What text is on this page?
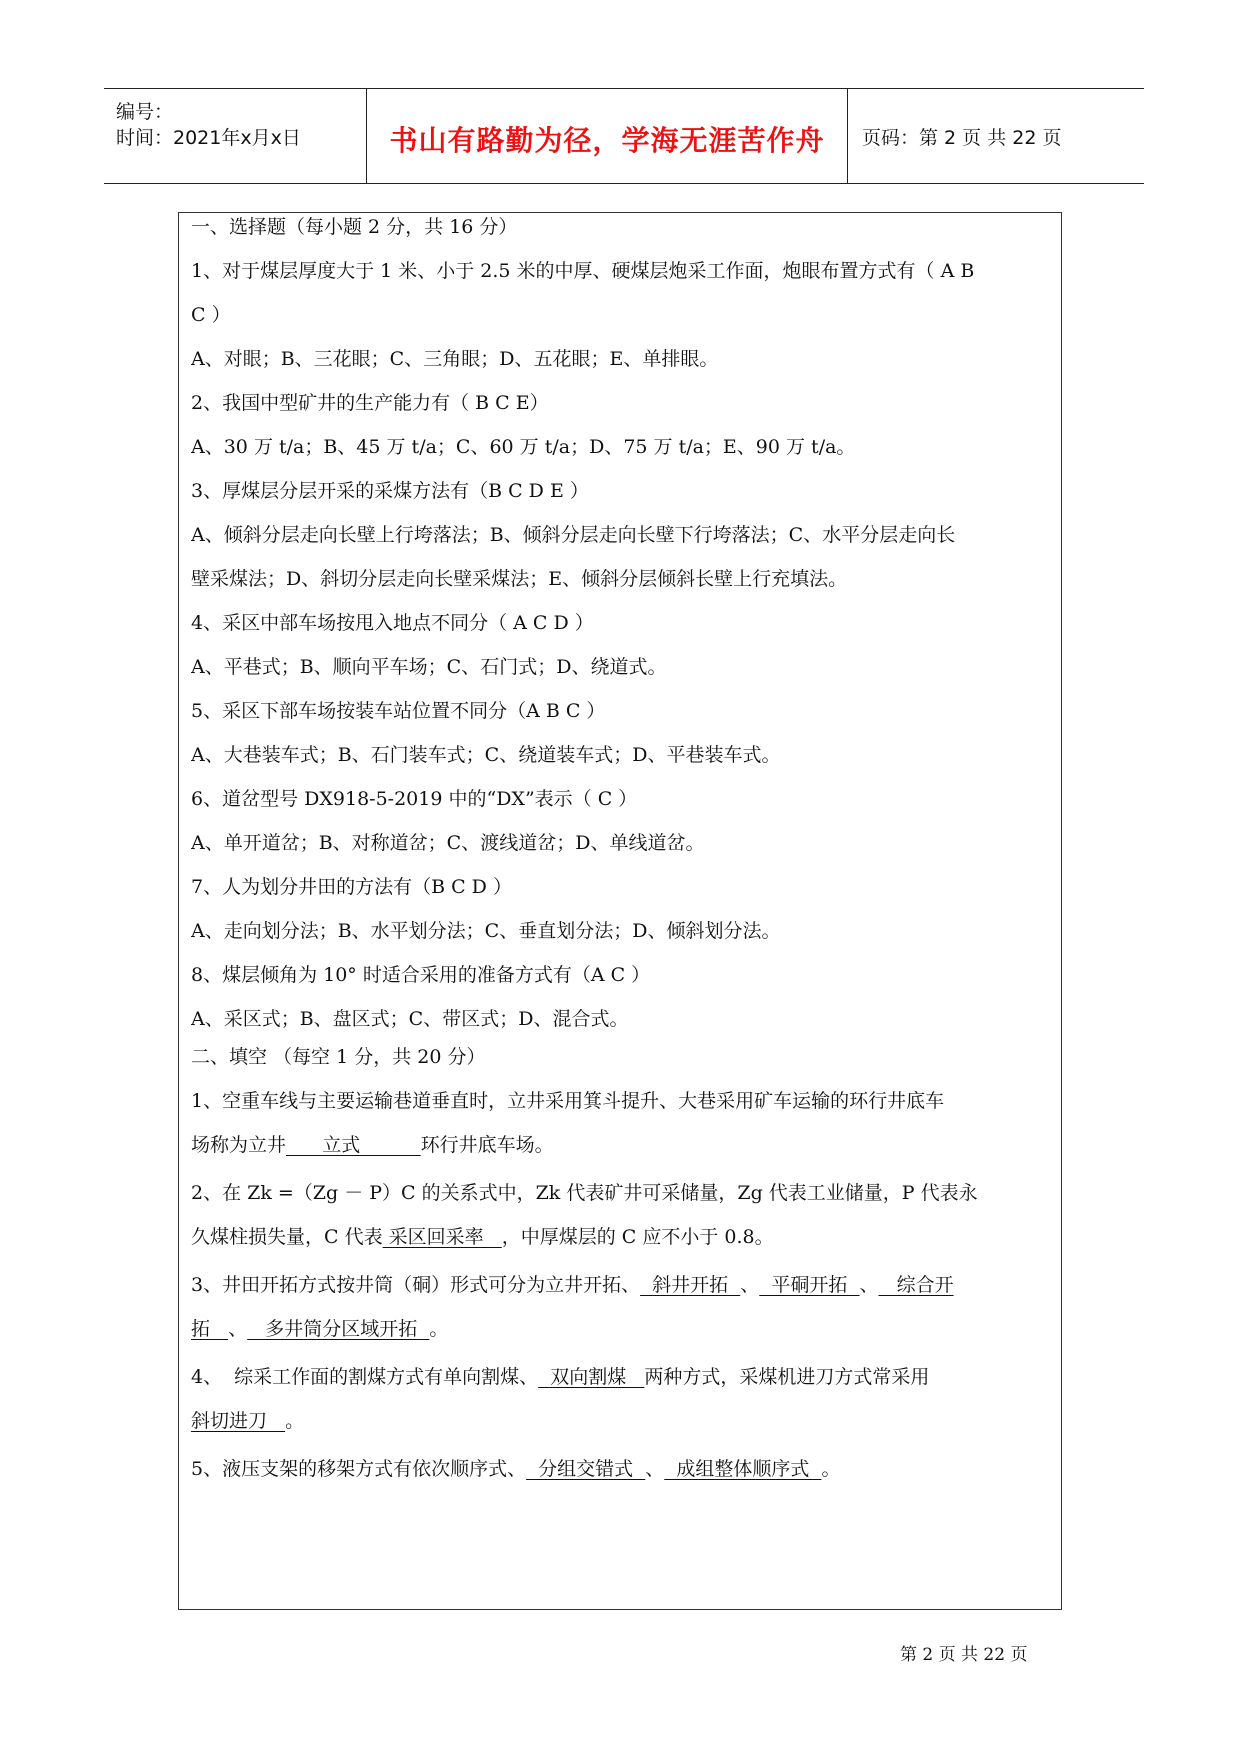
编号：
时间：2021年x月x日	书山有路勤为径，学海无涯苦作舟	页码：第 2 页 共 22 页
一、选择题（每小题 2 分，共 16 分）
1、对于煤层厚度大于 1 米、小于 2.5 米的中厚、硬煤层炮采工作面，炮眼布置方式有（ A B
C ）
A、对眼；B、三花眼；C、三角眼；D、五花眼；E、单排眼。
2、我国中型矿井的生产能力有（ B C E）
A、30 万 t/a；B、45 万 t/a；C、60 万 t/a；D、75 万 t/a；E、90 万 t/a。
3、厚煤层分层开采的采煤方法有（B C D E ）
A、倾斜分层走向长壁上行垮落法；B、倾斜分层走向长壁下行垮落法；C、水平分层走向长
壁采煤法；D、斜切分层走向长壁采煤法；E、倾斜分层倾斜长壁上行充填法。
4、采区中部车场按甩入地点不同分（ A C D ）
A、平巷式；B、顺向平车场；C、石门式；D、绕道式。
5、采区下部车场按装车站位置不同分（A B C ）
A、大巷装车式；B、石门装车式；C、绕道装车式；D、平巷装车式。
6、道岔型号 DX918-5-2019 中的“DX”表示（ C ）
A、单开道岔；B、对称道岔；C、渡线道岔；D、单线道岔。
7、人为划分井田的方法有（B C D ）
A、走向划分法；B、水平划分法；C、垂直划分法；D、倾斜划分法。
8、煤层倾角为 10° 时适合采用的准备方式有（A C ）
A、采区式；B、盘区式；C、带区式；D、混合式。
二、填空 （每空 1 分，共 20 分）
1、空重车线与主要运输巷道垂直时，立井采用箕斗提升、大巷采用矿车运输的环行井底车
场称为立井      立式          环行井底车场。
2、在 Zk =（Zg － P）C 的关系式中，Zk 代表矿井可采储量，Zg 代表工业储量，P 代表永
久煤柱损失量，C 代表 采区回采率   ，中厚煤层的 C 应不小于 0.8。
3、井田开拓方式按井筒（硐）形式可分为立井开拓、  斜井开拓  、  平硐开拓  、   综合开
拓   、   多井筒分区域开拓  。
4、  综采工作面的割煤方式有单向割煤、  双向割煤   两种方式，采煤机进刀方式常采用
斜切进刀   。
5、液压支架的移架方式有依次顺序式、  分组交错式  、  成组整体顺序式  。
第 2 页 共 22 页
